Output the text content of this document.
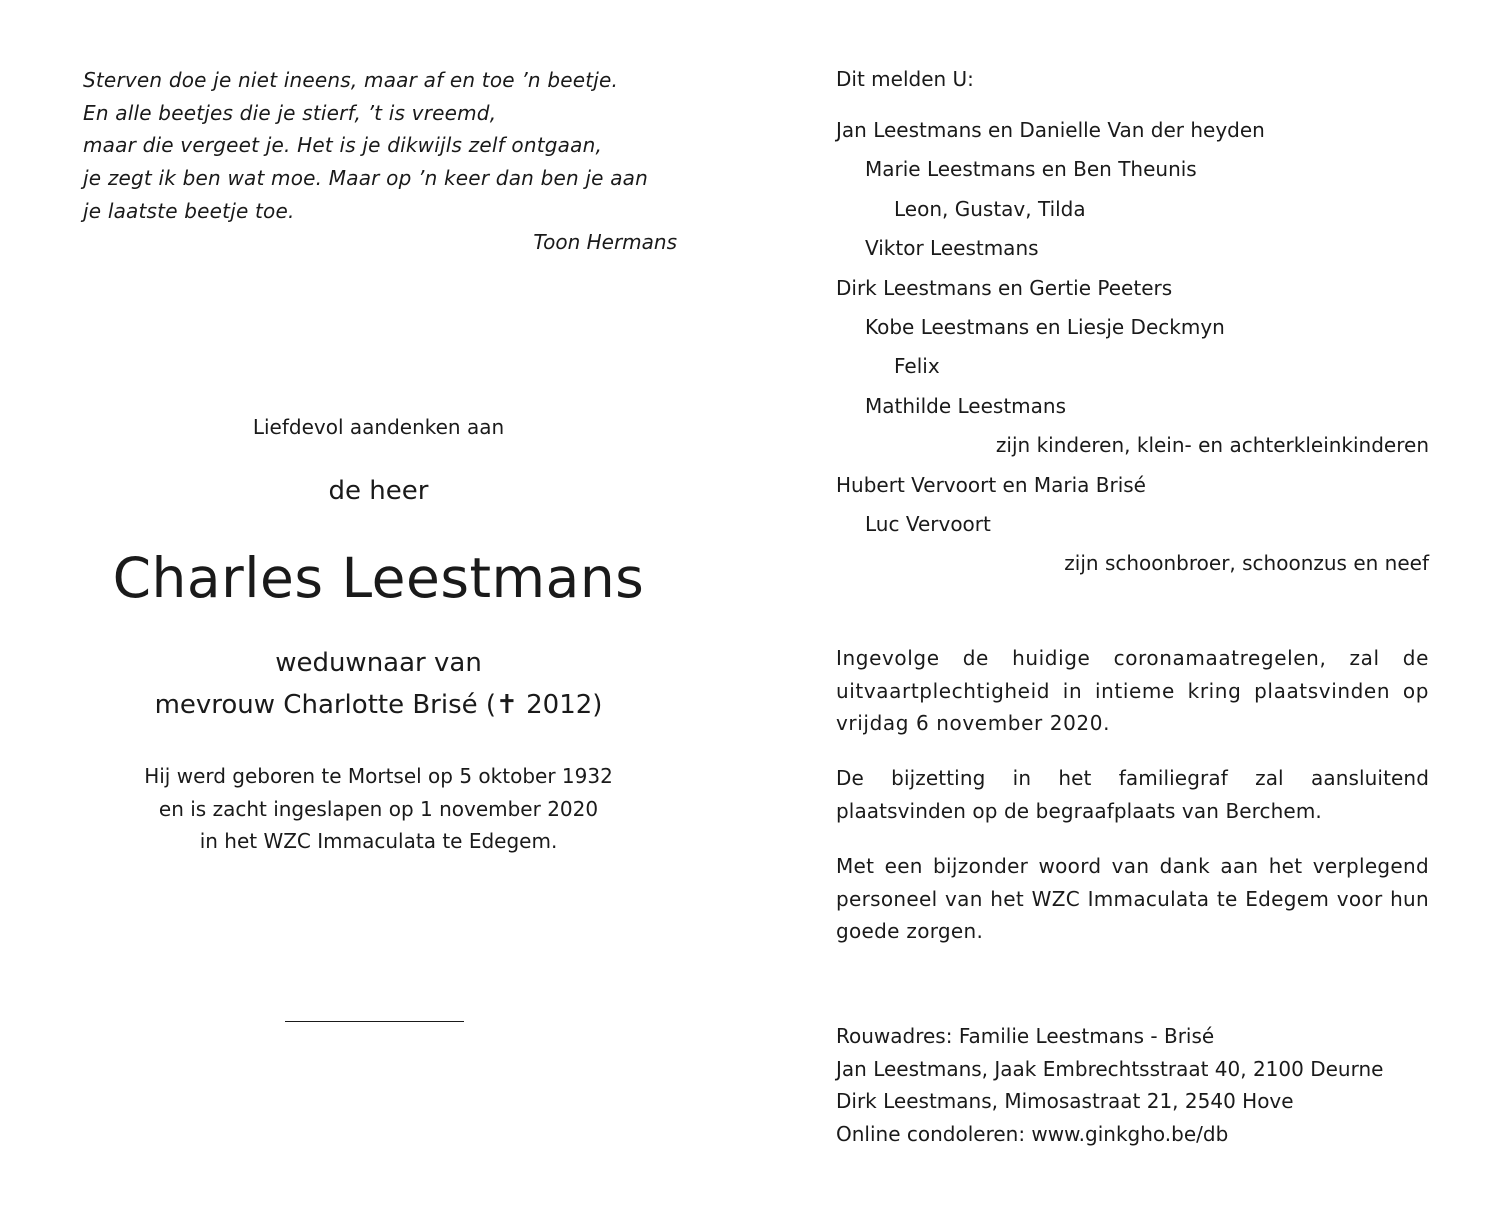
Sterven doe je niet ineens, maar af en toe ’n beetje.
En alle beetjes die je stierf, ’t is vreemd,
maar die vergeet je. Het is je dikwijls zelf ontgaan,
je zegt ik ben wat moe. Maar op ’n keer dan ben je aan
je laatste beetje toe.
Toon Hermans
Liefdevol aandenken aan
de heer
Charles Leestmans
weduwnaar van
mevrouw Charlotte Brisé (✝ 2012)
Hij werd geboren te Mortsel op 5 oktober 1932
en is zacht ingeslapen op 1 november 2020
in het WZC Immaculata te Edegem.
Dit melden U:
Jan Leestmans en Danielle Van der heyden
Marie Leestmans en Ben Theunis
Leon, Gustav, Tilda
Viktor Leestmans
Dirk Leestmans en Gertie Peeters
Kobe Leestmans en Liesje Deckmyn
Felix
Mathilde Leestmans
zijn kinderen, klein- en achterkleinkinderen
Hubert Vervoort en Maria Brisé
Luc Vervoort
zijn schoonbroer, schoonzus en neef
Ingevolge de huidige coronamaatregelen, zal de uitvaartplechtigheid in intieme kring plaatsvinden op vrijdag 6 november 2020.
De bijzetting in het familiegraf zal aansluitend plaatsvinden op de begraafplaats van Berchem.
Met een bijzonder woord van dank aan het verplegend personeel van het WZC Immaculata te Edegem voor hun goede zorgen.
Rouwadres: Familie Leestmans - Brisé
Jan Leestmans, Jaak Embrechtsstraat 40, 2100 Deurne
Dirk Leestmans, Mimosastraat 21, 2540 Hove
Online condoleren: www.ginkgho.be/db
